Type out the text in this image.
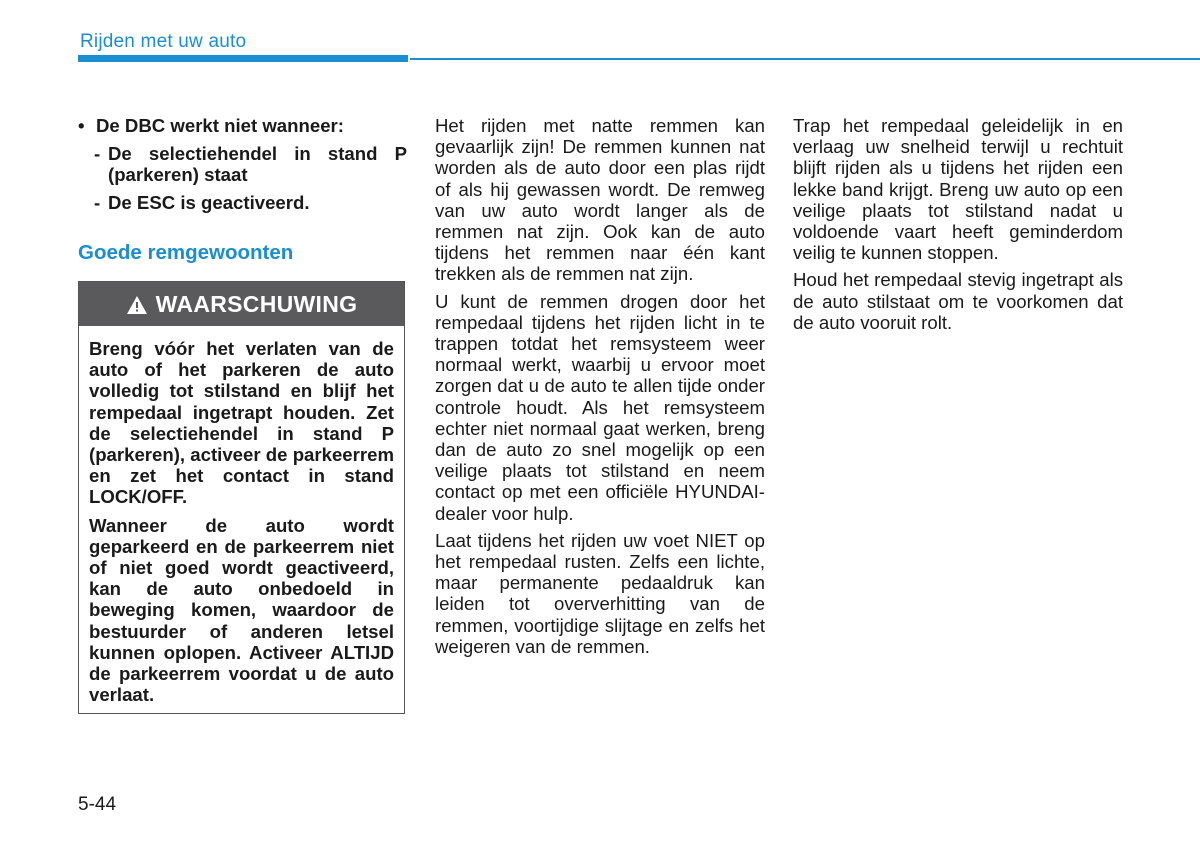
Rijden met uw auto
• De DBC werkt niet wanneer:
- De selectiehendel in stand P (parkeren) staat
- De ESC is geactiveerd.
Goede remgewoonten
WAARSCHUWING

Breng vóór het verlaten van de auto of het parkeren de auto volledig tot stilstand en blijf het rempedaal ingetrapt houden. Zet de selectiehendel in stand P (parkeren), activeer de parkeerrem en zet het contact in stand LOCK/OFF.

Wanneer de auto wordt geparkeerd en de parkeerrem niet of niet goed wordt geactiveerd, kan de auto onbedoeld in beweging komen, waardoor de bestuurder of anderen letsel kunnen oplopen. Activeer ALTIJD de parkeerrem voordat u de auto verlaat.

Het rijden met natte remmen kan gevaarlijk zijn! De remmen kunnen nat worden als de auto door een plas rijdt of als hij gewassen wordt. De remweg van uw auto wordt langer als de remmen nat zijn. Ook kan de auto tijdens het remmen naar één kant trekken als de remmen nat zijn.

U kunt de remmen drogen door het rempedaal tijdens het rijden licht in te trappen totdat het remsysteem weer normaal werkt, waarbij u ervoor moet zorgen dat u de auto te allen tijde onder controle houdt. Als het remsysteem echter niet normaal gaat werken, breng dan de auto zo snel mogelijk op een veilige plaats tot stilstand en neem contact op met een officiële HYUNDAI-dealer voor hulp.

Laat tijdens het rijden uw voet NIET op het rempedaal rusten. Zelfs een lichte, maar permanente pedaaldruk kan leiden tot oververhitting van de remmen, voortijdige slijtage en zelfs het weigeren van de remmen.

Trap het rempedaal geleidelijk in en verlaag uw snelheid terwijl u rechtuit blijft rijden als u tijdens het rijden een lekke band krijgt. Breng uw auto op een veilige plaats tot stilstand nadat u voldoende vaart heeft geminderdom veilig te kunnen stoppen.

Houd het rempedaal stevig ingetrapt als de auto stilstaat om te voorkomen dat de auto vooruit rolt.

5-44
